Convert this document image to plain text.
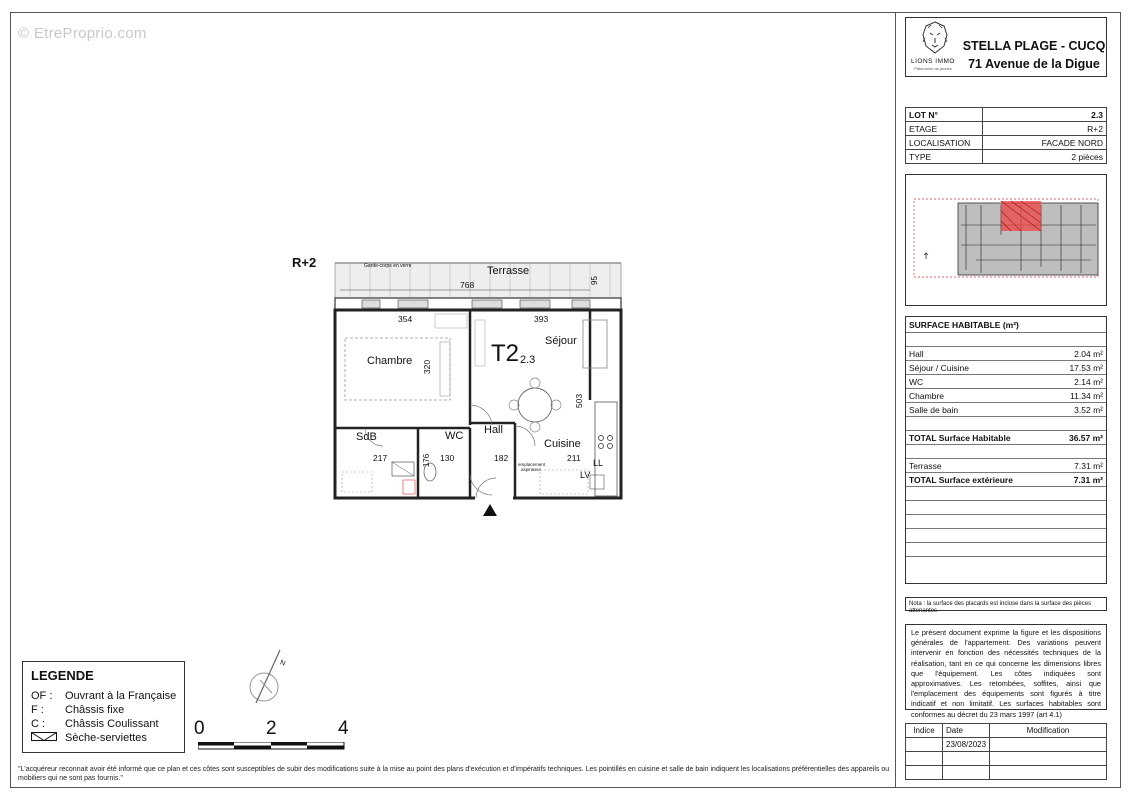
© EtreProprio.com
LIONS IMMO
Patrimoine de jeunes
STELLA PLAGE - CUCQ
71 Avenue de la Digue
LOT N°	2.3
ETAGE	R+2
LOCALISATION	FACADE NORD
TYPE	2 pièces
SURFACE HABITABLE (m²)
Hall	2.04 m²
Séjour / Cuisine	17.53 m²
WC	2.14 m²
Chambre	11.34 m²
Salle de bain	3.52 m²
TOTAL Surface Habitable	36.57 m²
Terrasse	7.31 m²
TOTAL Surface extérieure	7.31 m²
Nota : la surface des placards est incluse dans la surface des pièces attenantes
Le présent document exprime la figure et les dispositions générales de l'appartement. Des variations peuvent intervenir en fonction des nécessités techniques de la réalisation, tant en ce qui concerne les dimensions libres que l'équipement. Les côtes indiquées sont approximatives. Les retombées, soffites, ainsi que l'emplacement des équipements sont figurés à titre indicatif et non limitatif. Les surfaces habitables sont conformes au décret du 23 mars 1997 (art 4.1)
Indice	Date	Modification
	23/08/2023	

R+2	Garde-corps en verre	Terrasse
768	95
354	393
Chambre 320 T2 2.3
Séjour
503
Hall
Cuisine
SdB	WC
217	176 130	182	211 LL
LV
emplacement aspirateur
N
0	2	4
LEGENDE
OF :	Ouvrant à la Française
F :	Châssis fixe
C :	Châssis Coulissant
Sèche-serviettes
"L'acquéreur reconnait avoir été informé que ce plan et ces côtes sont susceptibles de subir des modifications suite à la mise au point des plans d'exécution et d'impératifs techniques. Les pointillés en cuisine et salle de bain indiquent les localisations préférentielles des appareils ou mobiliers qui ne sont pas fournis."
